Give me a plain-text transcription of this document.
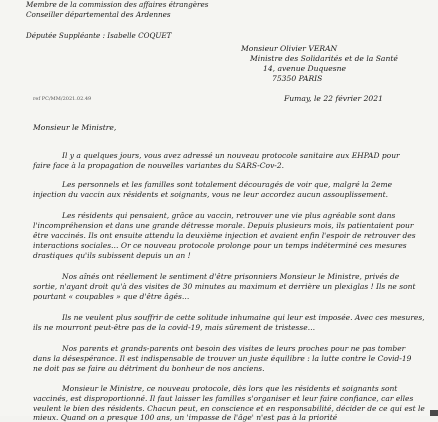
Membre de la commission des affaires étrangères
Conseiller départemental des Ardennes
Députée Suppléante : Isabelle COQUET
Monsieur Olivier VERAN
Ministre des Solidarités et de la Santé
14, avenue Duquesne
75350 PARIS
ref PC/MM/2021.02.49	Fumay, le 22 février 2021
Monsieur le Ministre,
Il y a quelques jours, vous avez adressé un nouveau protocole sanitaire aux EHPAD pour
faire face à la propagation de nouvelles variantes du SARS-Cov-2.
Les personnels et les familles sont totalement découragés de voir que, malgré la 2eme
injection du vaccin aux résidents et soignants, vous ne leur accordez aucun assouplissement.
Les résidents qui pensaient, grâce au vaccin, retrouver une vie plus agréable sont dans
l'incompréhension et dans une grande détresse morale. Depuis plusieurs mois, ils patientaient pour
être vaccinés. Ils ont ensuite attendu la deuxième injection et avaient enfin l'espoir de retrouver des
interactions sociales… Or ce nouveau protocole prolonge pour un temps indéterminé ces mesures
drastiques qu'ils subissent depuis un an !
Nos aînés ont réellement le sentiment d'être prisonniers Monsieur le Ministre, privés de
sortie, n'ayant droit qu'à des visites de 30 minutes au maximum et derrière un plexiglas ! Ils ne sont
pourtant « coupables » que d'être âgés…
Ils ne veulent plus souffrir de cette solitude inhumaine qui leur est imposée. Avec ces mesures,
ils ne mourront peut-être pas de la covid-19, mais sûrement de tristesse…
Nos parents et grands-parents ont besoin des visites de leurs proches pour ne pas tomber
dans la désespérance. Il est indispensable de trouver un juste équilibre : la lutte contre le Covid-19
ne doit pas se faire au détriment du bonheur de nos anciens.
Monsieur le Ministre, ce nouveau protocole, dès lors que les résidents et soignants sont
vaccinés, est disproportionné. Il faut laisser les familles s'organiser et leur faire confiance, car elles
veulent le bien des résidents. Chacun peut, en conscience et en responsabilité, décider de ce qui est le
mieux. Quand on a presque 100 ans, un 'impasse de l'âge' n'est pas à la priorité
